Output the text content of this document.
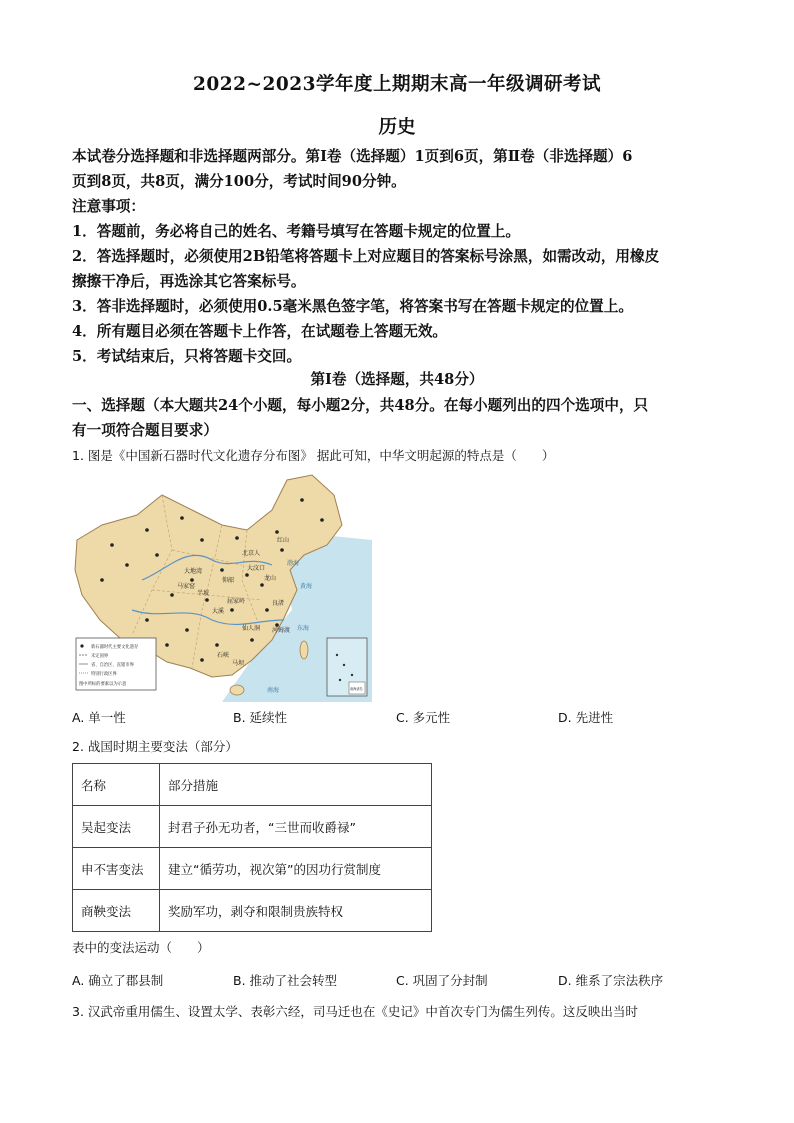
2022~2023学年度上期期末高一年级调研考试
历史
本试卷分选择题和非选择题两部分。第Ⅰ卷（选择题）1页到6页，第Ⅱ卷（非选择题）6
页到8页，共8页，满分100分，考试时间90分钟。
注意事项：
1．答题前，务必将自己的姓名、考籍号填写在答题卡规定的位置上。
2．答选择题时，必须使用2B铅笔将答题卡上对应题目的答案标号涂黑，如需改动，用橡皮
擦擦干净后，再选涂其它答案标号。
3．答非选择题时，必须使用0.5毫米黑色签字笔，将答案书写在答题卡规定的位置上。
4．所有题目必须在答题卡上作答，在试题卷上答题无效。
5．考试结束后，只将答题卡交回。
第Ⅰ卷（选择题，共48分）
一、选择题（本大题共24个小题，每小题2分，共48分。在每小题列出的四个选项中，只
有一项符合题目要求）
1. 图是《中国新石器时代文化遗存分布图》 据此可知，中华文明起源的特点是（　　）
红山
仰韶
大汶口
龙山
良渚
河姆渡
马家窑
半坡
大溪
屈家岭
石峡
仙人洞
马坝
北京人
大地湾
渤海
黄海
东海
南海
新石器时代主要文化遗存
未定国界
省、自治区、直辖市界
特别行政区界
图中所标的要素以为示意
南海诸岛
A. 单一性	B. 延续性	C. 多元性	D. 先进性
2. 战国时期主要变法（部分）
名称	部分措施
吴起变法	封君子孙无功者，“三世而收爵禄”
申不害变法	建立“循劳功，视次第”的因功行赏制度
商鞅变法	奖励军功，剥夺和限制贵族特权
表中的变法运动（　　）
A. 确立了郡县制	B. 推动了社会转型	C. 巩固了分封制	D. 维系了宗法秩序
3. 汉武帝重用儒生、设置太学、表彰六经，司马迁也在《史记》中首次专门为儒生列传。这反映出当时
